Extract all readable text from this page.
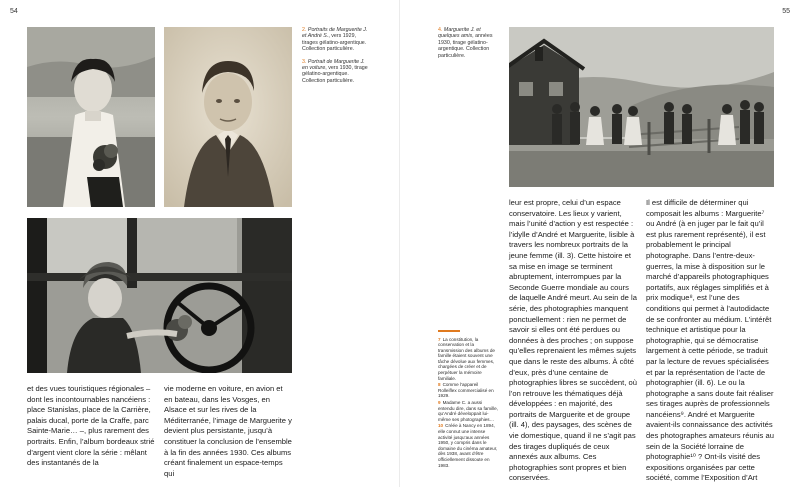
54

2. Portraits de Marguerite J. et André S., vers 1929, tirages gélatino-argentique. Collection particulière.

3. Portrait de Marguerite J. en voiture, vers 1930, tirage gélatino-argentique. Collection particulière.

et des vues touristiques régionales – dont les incontournables nancéiens : place Stanislas, place de la Carrière, palais ducal, porte de la Craffe, parc Sainte-Marie… –, plus rarement des portraits. Enfin, l’album bordeaux strié d’argent vient clore la série : mêlant des instantanés de la

vie moderne en voiture, en avion et en bateau, dans les Vosges, en Alsace et sur les rives de la Méditerranée, l’image de Marguerite y devient plus persistante, jusqu’à constituer la conclusion de l’ensemble à la fin des années 1930. Ces albums créant finalement un espace-temps qui

55

4. Marguerite J. et quelques amis, années 1930, tirage gélatino-argentique. Collection particulière.

7 La constitution, la conservation et la transmission des albums de famille étaient souvent une tâche dévolue aux femmes, chargées de créer et de perpétuer la mémoire familiale.
8 Comme l’appareil Rolleiflex commercialisé en 1929.
9 Madame C. a aussi entendu dire, dans sa famille, qu’André développait lui-même ses photographies…
10 Créée à Nancy en 1894, elle connut une intense activité jusqu’aux années 1950, y compris dans le domaine du cinéma amateur, dès 1938, avant d’être officiellement dissoute en 1983.

leur est propre, celui d’un espace conservatoire. Les lieux y varient, mais l’unité d’action y est respectée : l’idylle d’André et Marguerite, lisible à travers les nombreux portraits de la jeune femme (ill. 3). Cette histoire et sa mise en image se terminent abruptement, interrompues par la Seconde Guerre mondiale au cours de laquelle André meurt. Au sein de la série, des photographies manquent ponctuellement : rien ne permet de savoir si elles ont été perdues ou données à des proches ; on suppose qu’elles reprenaient les mêmes sujets que dans le reste des albums. À côté d’eux, près d’une centaine de photographies libres se succèdent, où l’on retrouve les thématiques déjà développées : en majorité, des portraits de Marguerite et de groupe (ill. 4), des paysages, des scènes de vie domestique, quand il ne s’agit pas des tirages dupliqués de ceux annexés aux albums. Ces photographies sont propres et bien conservées.

Il est difficile de déterminer qui composait les albums : Marguerite⁷ ou André (à en juger par le fait qu’il est plus rarement représenté), il est probablement le principal photographe. Dans l’entre-deux-guerres, la mise à disposition sur le marché d’appareils photographiques portatifs, aux réglages simplifiés et à prix modique⁸, est l’une des conditions qui permet à l’autodidacte de se confronter au médium. L’intérêt technique et artistique pour la photographie, qui se démocratise largement à cette période, se traduit par la lecture de revues spécialisées et par la représentation de l’acte de photographier (ill. 6). Le ou la photographe a sans doute fait réaliser ses tirages auprès de professionnels nancéiens⁹. André et Marguerite avaient-ils connaissance des activités des photographes amateurs réunis au sein de la Société lorraine de photographie¹⁰ ? Ont-ils visité des expositions organisées par cette société, comme l’Exposition d’Art
